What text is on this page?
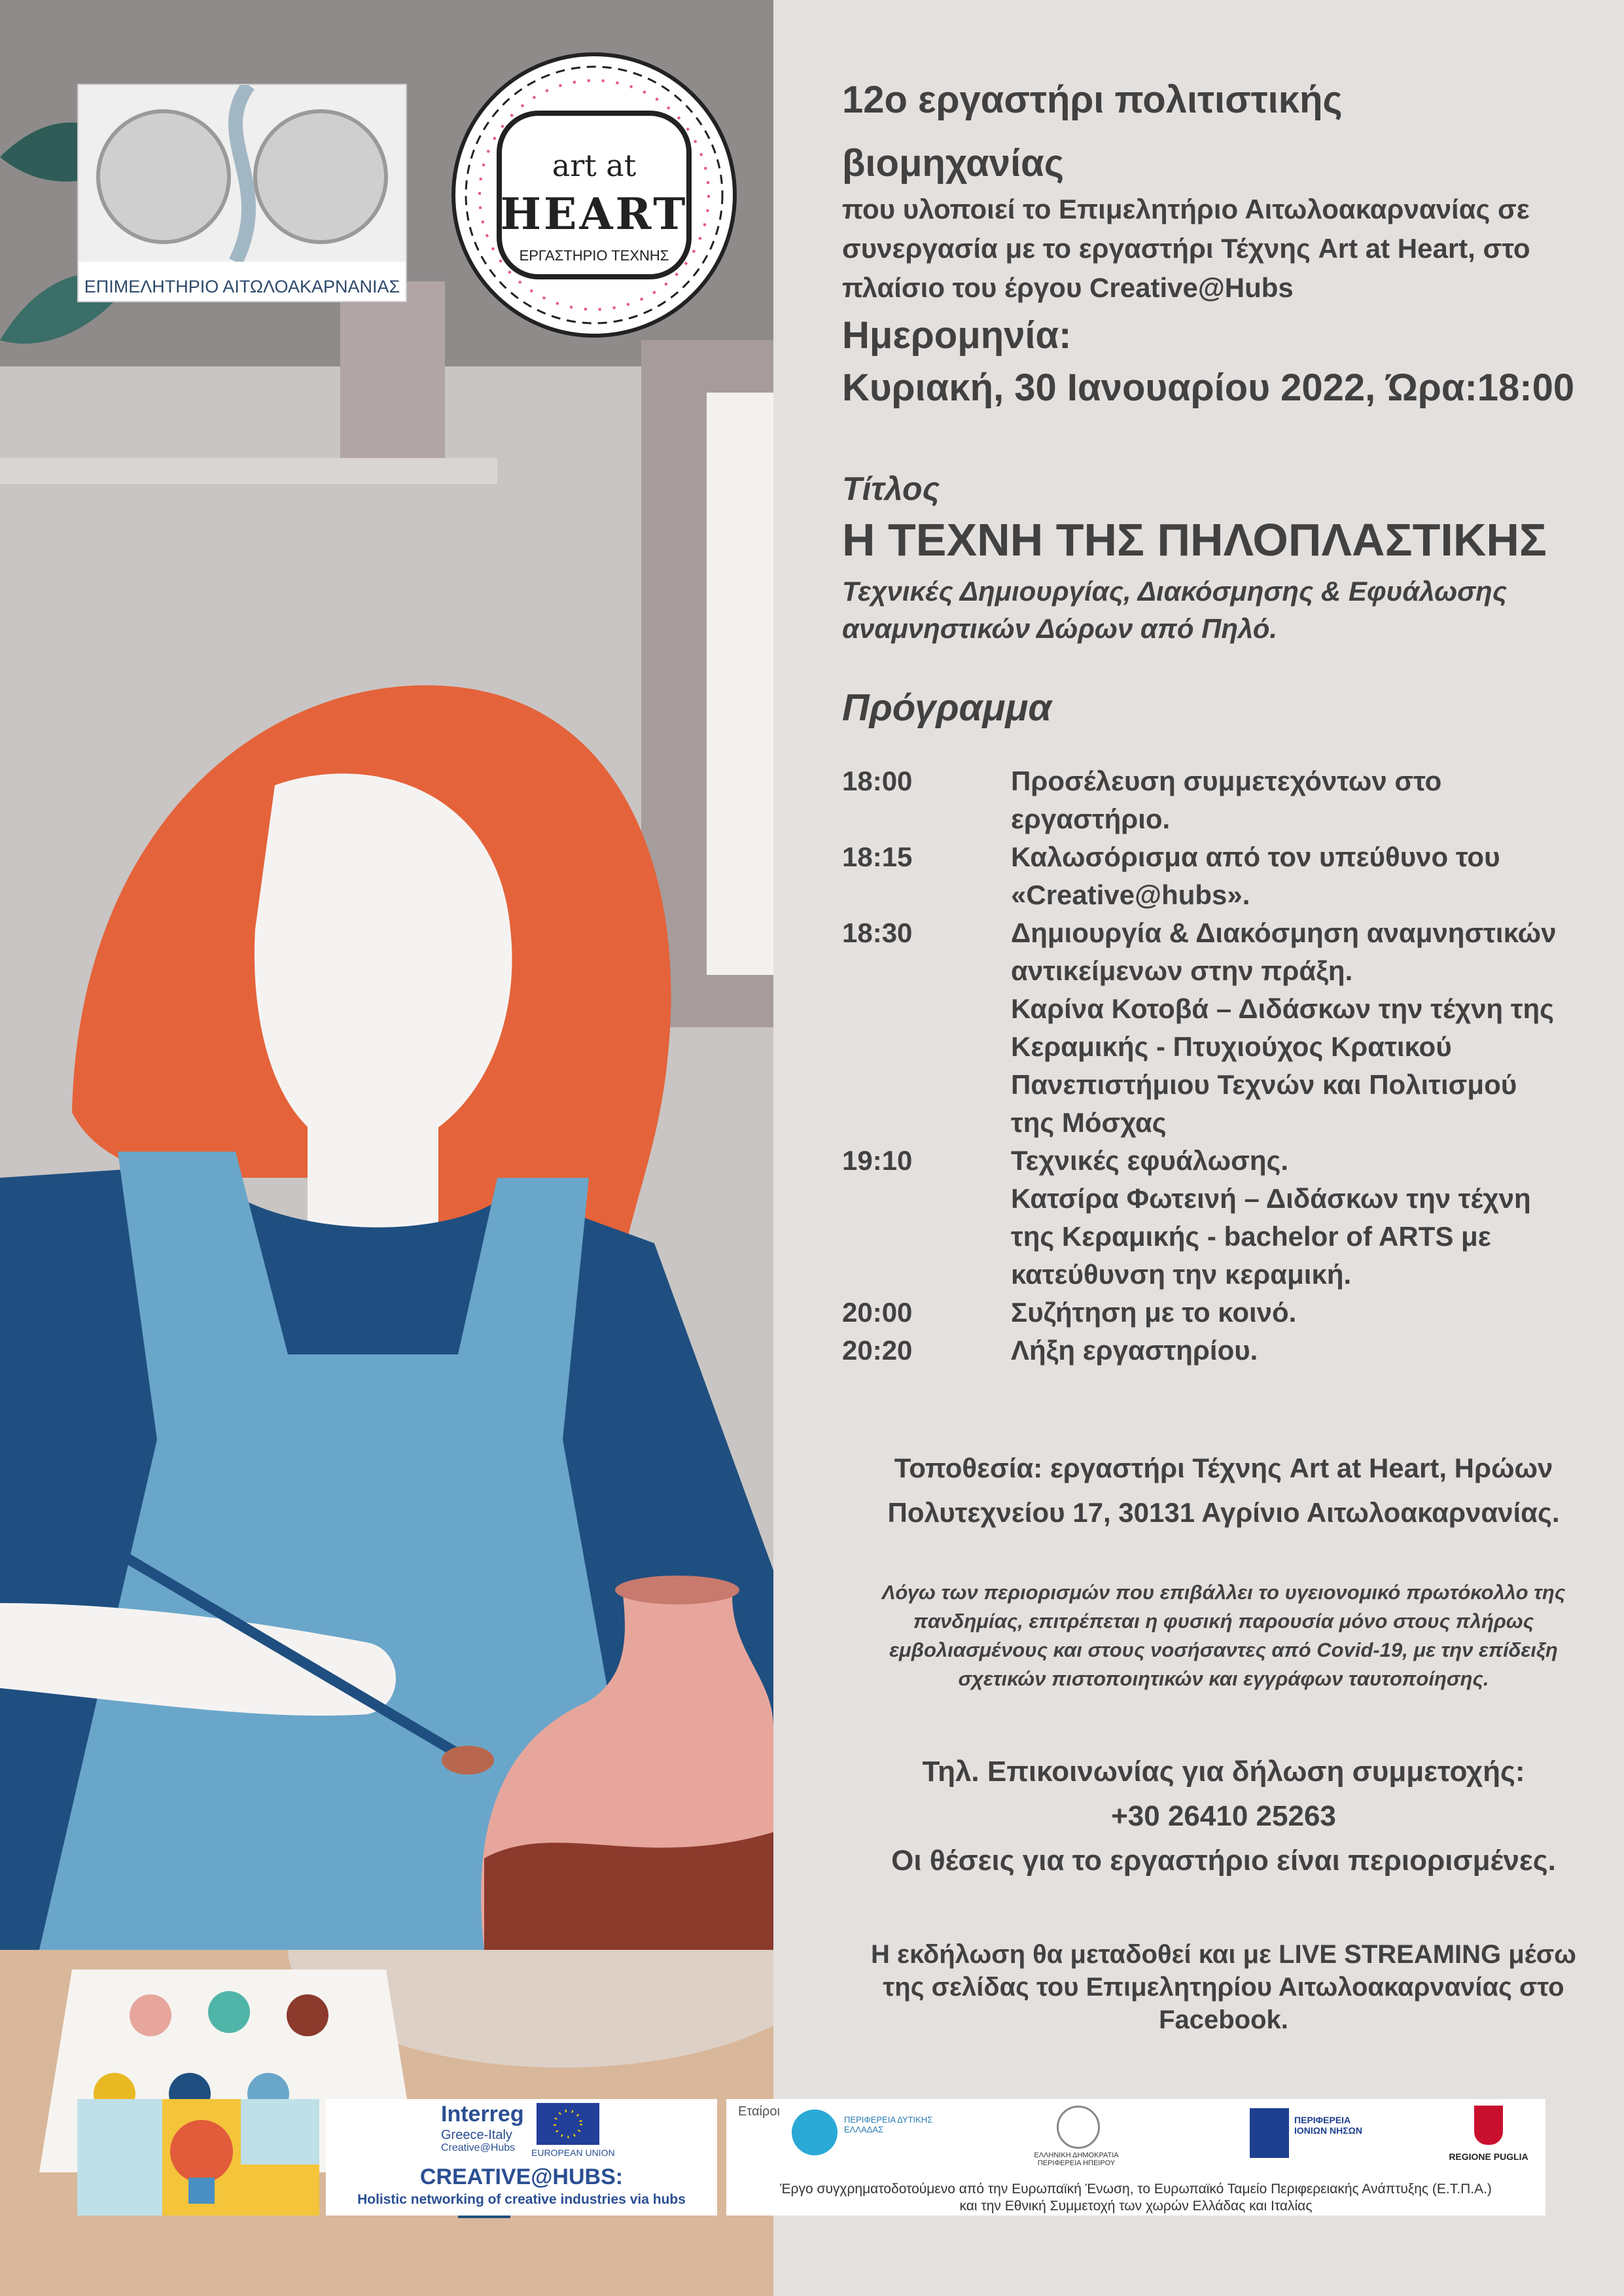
ΕΠΙΜΕΛΗΤΗΡΙΟ ΑΙΤΩΛΟΑΚΑΡΝΑΝΙΑΣ
art at
HEART
ΕΡΓΑΣΤΗΡΙΟ ΤΕΧΝΗΣ
12ο εργαστήρι πολιτιστικής
βιομηχανίας
που υλοποιεί το Επιμελητήριο Αιτωλοακαρνανίας σε
συνεργασία με το εργαστήρι Τέχνης Art at Heart, στο
πλαίσιο του έργου Creative@Hubs
Ημερομηνία:
Κυριακή, 30 Ιανουαρίου 2022, Ώρα:18:00
Τίτλος
Η ΤΕΧΝΗ ΤΗΣ ΠΗΛΟΠΛΑΣΤΙΚΗΣ
Τεχνικές Δημιουργίας, Διακόσμησης & Εφυάλωσης
αναμνηστικών Δώρων από Πηλό.
Πρόγραμμα
18:00	Προσέλευση συμμετεχόντων στο
εργαστήριο.
18:15	Καλωσόρισμα από τον υπεύθυνο του
«Creative@hubs».
18:30	Δημιουργία & Διακόσμηση αναμνηστικών
αντικείμενων στην πράξη.
Καρίνα Κοτοβά – Διδάσκων την τέχνη της
Κεραμικής - Πτυχιούχος Κρατικού
Πανεπιστήμιου Τεχνών και Πολιτισμού
της Μόσχας
19:10	Τεχνικές εφυάλωσης.
Κατσίρα Φωτεινή – Διδάσκων την τέχνη
της Κεραμικής - bachelor of ARTS με
κατεύθυνση την κεραμική.
20:00	Συζήτηση με το κοινό.
20:20	Λήξη εργαστηρίου.
Τοποθεσία: εργαστήρι Τέχνης Art at Heart, Ηρώων
Πολυτεχνείου 17, 30131 Αγρίνιο Αιτωλοακαρνανίας.
Λόγω των περιορισμών που επιβάλλει το υγειονομικό πρωτόκολλο της
πανδημίας, επιτρέπεται η φυσική παρουσία μόνο στους πλήρως
εμβολιασμένους και στους νοσήσαντες από Covid-19, με την επίδειξη
σχετικών πιστοποιητικών και εγγράφων ταυτοποίησης.
Τηλ. Επικοινωνίας για δήλωση συμμετοχής:
+30 26410 25263
Οι θέσεις για το εργαστήριο είναι περιορισμένες.
Η εκδήλωση θα μεταδοθεί και με LIVE STREAMING μέσω
της σελίδας του Επιμελητηρίου Αιτωλοακαρνανίας στο
Facebook.
Interreg
Greece-Italy
Creative@Hubs EUROPEAN UNION
CREATIVE@HUBS:
Holistic networking of creative industries via hubs
Εταίροι
ΠΕΡΙΦΕΡΕΙΑ ΔΥΤΙΚΗΣ ΕΛΛΑΔΑΣ
ΕΛΛΗΝΙΚΗ ΔΗΜΟΚΡΑΤΙΑ ΠΕΡΙΦΕΡΕΙΑ ΗΠΕΙΡΟΥ
ΠΕΡΙΦΕΡΕΙΑ ΙΟΝΙΩΝ ΝΗΣΩΝ
REGIONE PUGLIA
Έργο συγχρηματοδοτούμενο από την Ευρωπαϊκή Ένωση, το Ευρωπαϊκό Ταμείο Περιφερειακής Ανάπτυξης (Ε.Τ.Π.Α.)
και την Εθνική Συμμετοχή των χωρών Ελλάδας και Ιταλίας
